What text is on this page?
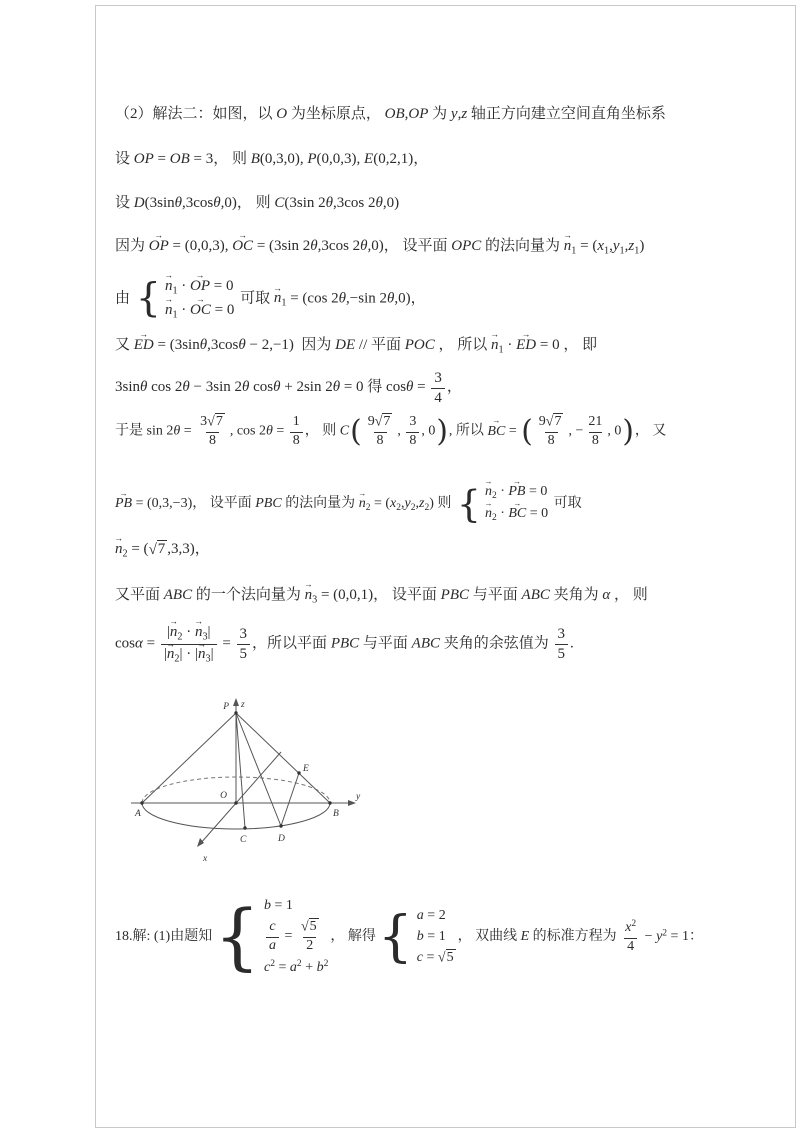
（2）解法二：如图，以 O 为坐标原点， OB,OP 为 y,z 轴正方向建立空间直角坐标系
设 OP = OB = 3， 则 B(0,3,0), P(0,0,3), E(0,2,1)，
设 D(3sinθ,3cosθ,0)， 则 C(3sin 2θ,3cos 2θ,0)
因为
→
OP = (0,0,3),
→
OC = (3sin 2θ,3cos 2θ,0)， 设平面 OPC 的法向量为
→
$n_1 = (x_1,y_1,z_1)$
由 { →
$n_1$ ·
→
OP = 0
→
$n_1$ ·
→
OC = 0
可取
→
$n_1 = (\cos$ 2θ,−sin 2θ,0)，
又
→
ED = (3sinθ,3cosθ − 2,−1)  因为 DE // 平面 POC ， 所以
→
$n_1$ ·
→
ED = 0 ， 即
3sinθ cos 2θ − 3sin 2θ cosθ + 2sin 2θ = 0 得 $\cos\theta = \frac{3}{4}$ ，
于是 $\sin 2\theta = \frac{3√7}{8}$ , $\cos 2\theta = \frac{1}{8}$ ， 则 C ( $\frac{9√7}{8}$ , $\frac{3}{8}$ , 0 ) , 所以
→
BC = ( $\frac{9√7}{8}$ , − $\frac{21}{8}$ , 0 ) ， 又
→
PB = (0,3,−3)， 设平面 PBC 的法向量为
→
$n_2 = (x_2,y_2,z_2)$ 则 {
→
$n_2$ ·
→
PB = 0
→
$n_2$ ·
→
BC = 0
可取
→
$n_2 = (√7$ ,3,3)，
又平面 ABC 的一个法向量为
→
$n_3 = (0,0,1)$， 设平面 PBC 与平面 ABC 夹角为 α ， 则
cosα = |
→
$n_2$ ·
→
$n_3|$
|
→
$n_2|$ · |
→
$n_3| = \frac{3}{5}$ ，所以平面 PBC 与平面 ABC 夹角的余弦值为 $\frac{3}{5}$ .
z
y
x
P
A	B
O
C	D
E
18.解: (1)由题知 { b = 1
$\frac{c}{a} = \frac{√5}{2}$
$c^2 = a^2 + b^2$
， 解得 { a = 2
b = 1
c = √5
， 双曲线 E 的标准方程为 $\frac{x^2}{4} - y^2 = 1$：
